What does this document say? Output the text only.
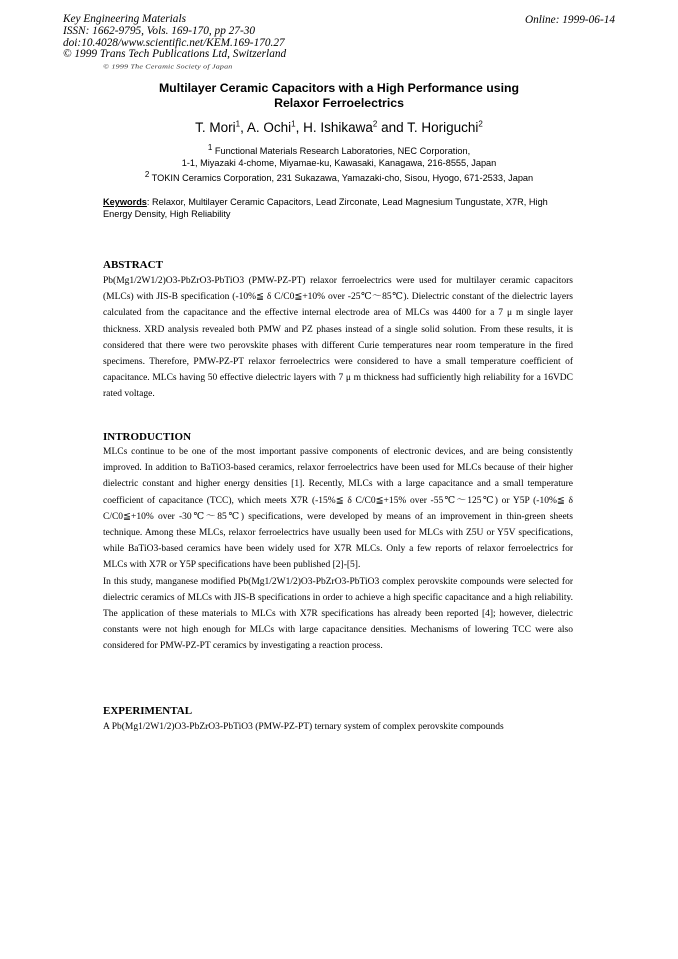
Key Engineering Materials
ISSN: 1662-9795, Vols. 169-170, pp 27-30
doi:10.4028/www.scientific.net/KEM.169-170.27
© 1999 Trans Tech Publications Ltd, Switzerland
Online: 1999-06-14
© 1999 The Ceramic Society of Japan
Multilayer Ceramic Capacitors with a High Performance using
Relaxor Ferroelectrics
T. Mori$^1$, A. Ochi$^1$, H. Ishikawa$^2$ and T. Horiguchi$^2$
$^1$ Functional Materials Research Laboratories, NEC Corporation,
1-1, Miyazaki 4-chome, Miyamae-ku, Kawasaki, Kanagawa, 216-8555, Japan
$^2$ TOKIN Ceramics Corporation, 231 Sukazawa, Yamazaki-cho, Sisou, Hyogo, 671-2533, Japan
Keywords: Relaxor, Multilayer Ceramic Capacitors, Lead Zirconate, Lead Magnesium Tungustate, X7R, High Energy Density, High Reliability
ABSTRACT

Pb(Mg1/2W1/2)O3-PbZrO3-PbTiO3 (PMW-PZ-PT) relaxor ferroelectrics were used for multilayer ceramic capacitors (MLCs) with JIS-B specification (-10%≦ δ C/C0≦+10% over -25℃～85℃). Dielectric constant of the dielectric layers calculated from the capacitance and the effective internal electrode area of MLCs was 4400 for a 7 μ m single layer thickness. XRD analysis revealed both PMW and PZ phases instead of a single solid solution. From these results, it is considered that there were two perovskite phases with different Curie temperatures near room temperature in the fired specimens. Therefore, PMW-PZ-PT relaxor ferroelectrics were considered to have a small temperature coefficient of capacitance. MLCs having 50 effective dielectric layers with 7 μ m thickness had sufficiently high reliability for a 16VDC rated voltage.

INTRODUCTION

MLCs continue to be one of the most important passive components of electronic devices, and are being consistently improved. In addition to BaTiO3-based ceramics, relaxor ferroelectrics have been used for MLCs because of their higher dielectric constant and higher energy densities [1]. Recently, MLCs with a large capacitance and a small temperature coefficient of capacitance (TCC), which meets X7R (-15%≦ δ C/C0≦+15% over -55℃～125℃) or Y5P (-10%≦ δ C/C0≦+10% over -30℃～85℃) specifications, were developed by means of an improvement in thin-green sheets technique. Among these MLCs, relaxor ferroelectrics have usually been used for MLCs with Z5U or Y5V specifications, while BaTiO3-based ceramics have been widely used for X7R MLCs. Only a few reports of relaxor ferroelectrics for MLCs with X7R or Y5P specifications have been published [2]-[5].

In this study, manganese modified Pb(Mg1/2W1/2)O3-PbZrO3-PbTiO3 complex perovskite compounds were selected for dielectric ceramics of MLCs with JIS-B specifications in order to achieve a high specific capacitance and a high reliability. The application of these materials to MLCs with X7R specifications has already been reported [4]; however, dielectric constants were not high enough for MLCs with large capacitance densities. Mechanisms of lowering TCC were also considered for PMW-PZ-PT ceramics by investigating a reaction process.

EXPERIMENTAL

A Pb(Mg1/2W1/2)O3-PbZrO3-PbTiO3 (PMW-PZ-PT) ternary system of complex perovskite compounds
